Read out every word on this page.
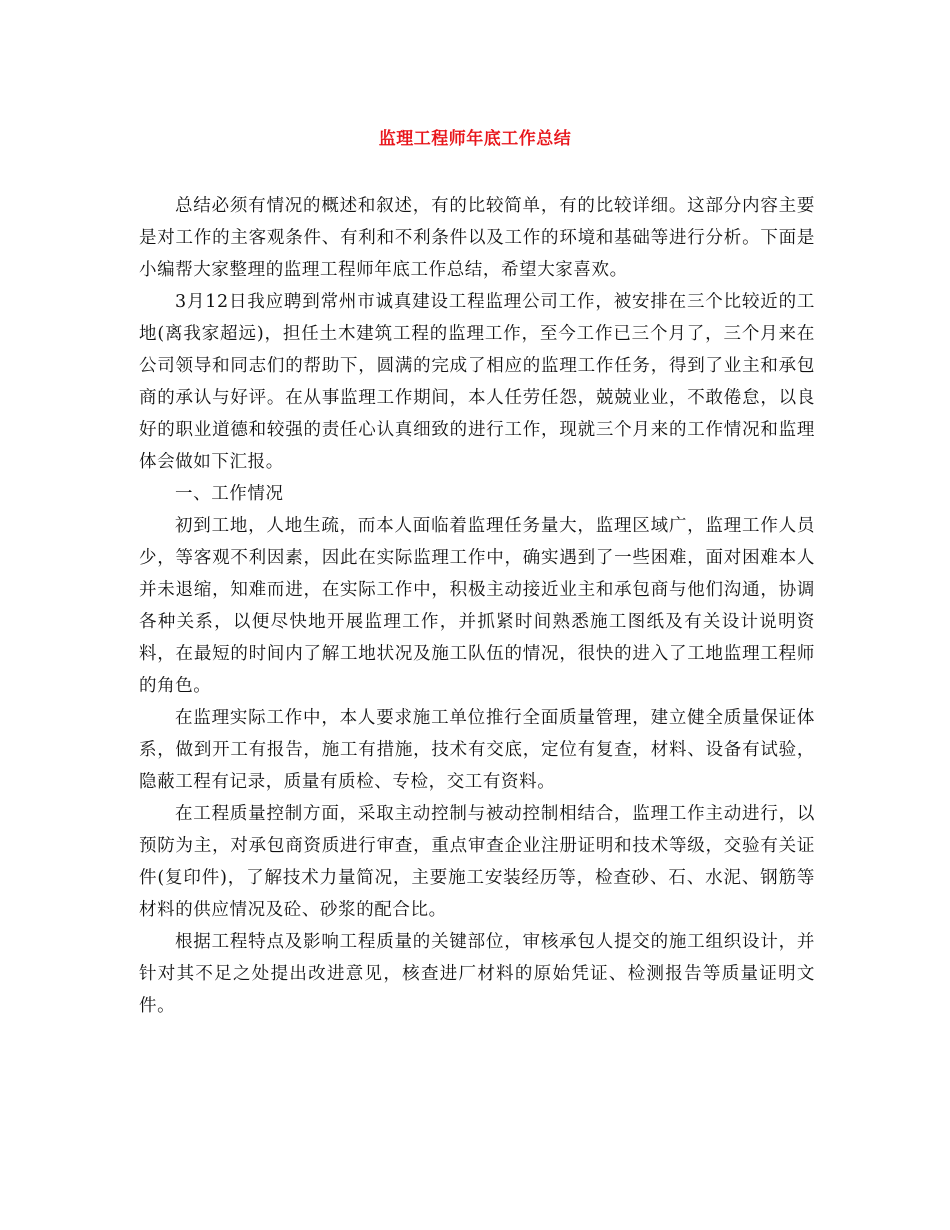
监理工程师年底工作总结

总结必须有情况的概述和叙述，有的比较简单，有的比较详细。这部分内容主要是对工作的主客观条件、有利和不利条件以及工作的环境和基础等进行分析。下面是小编帮大家整理的监理工程师年底工作总结，希望大家喜欢。

3月12日我应聘到常州市诚真建设工程监理公司工作，被安排在三个比较近的工地(离我家超远)，担任土木建筑工程的监理工作，至今工作已三个月了，三个月来在公司领导和同志们的帮助下，圆满的完成了相应的监理工作任务，得到了业主和承包商的承认与好评。在从事监理工作期间，本人任劳任怨，兢兢业业，不敢倦怠，以良好的职业道德和较强的责任心认真细致的进行工作，现就三个月来的工作情况和监理体会做如下汇报。

一、工作情况

初到工地，人地生疏，而本人面临着监理任务量大，监理区域广，监理工作人员少，等客观不利因素，因此在实际监理工作中，确实遇到了一些困难，面对困难本人并未退缩，知难而进，在实际工作中，积极主动接近业主和承包商与他们沟通，协调各种关系，以便尽快地开展监理工作，并抓紧时间熟悉施工图纸及有关设计说明资料，在最短的时间内了解工地状况及施工队伍的情况，很快的进入了工地监理工程师的角色。

在监理实际工作中，本人要求施工单位推行全面质量管理，建立健全质量保证体系，做到开工有报告，施工有措施，技术有交底，定位有复查，材料、设备有试验，隐蔽工程有记录，质量有质检、专检，交工有资料。

在工程质量控制方面，采取主动控制与被动控制相结合，监理工作主动进行，以预防为主，对承包商资质进行审查，重点审查企业注册证明和技术等级，交验有关证件(复印件)，了解技术力量简况，主要施工安装经历等，检查砂、石、水泥、钢筋等材料的供应情况及砼、砂浆的配合比。

根据工程特点及影响工程质量的关键部位，审核承包人提交的施工组织设计，并针对其不足之处提出改进意见，核查进厂材料的原始凭证、检测报告等质量证明文件。
